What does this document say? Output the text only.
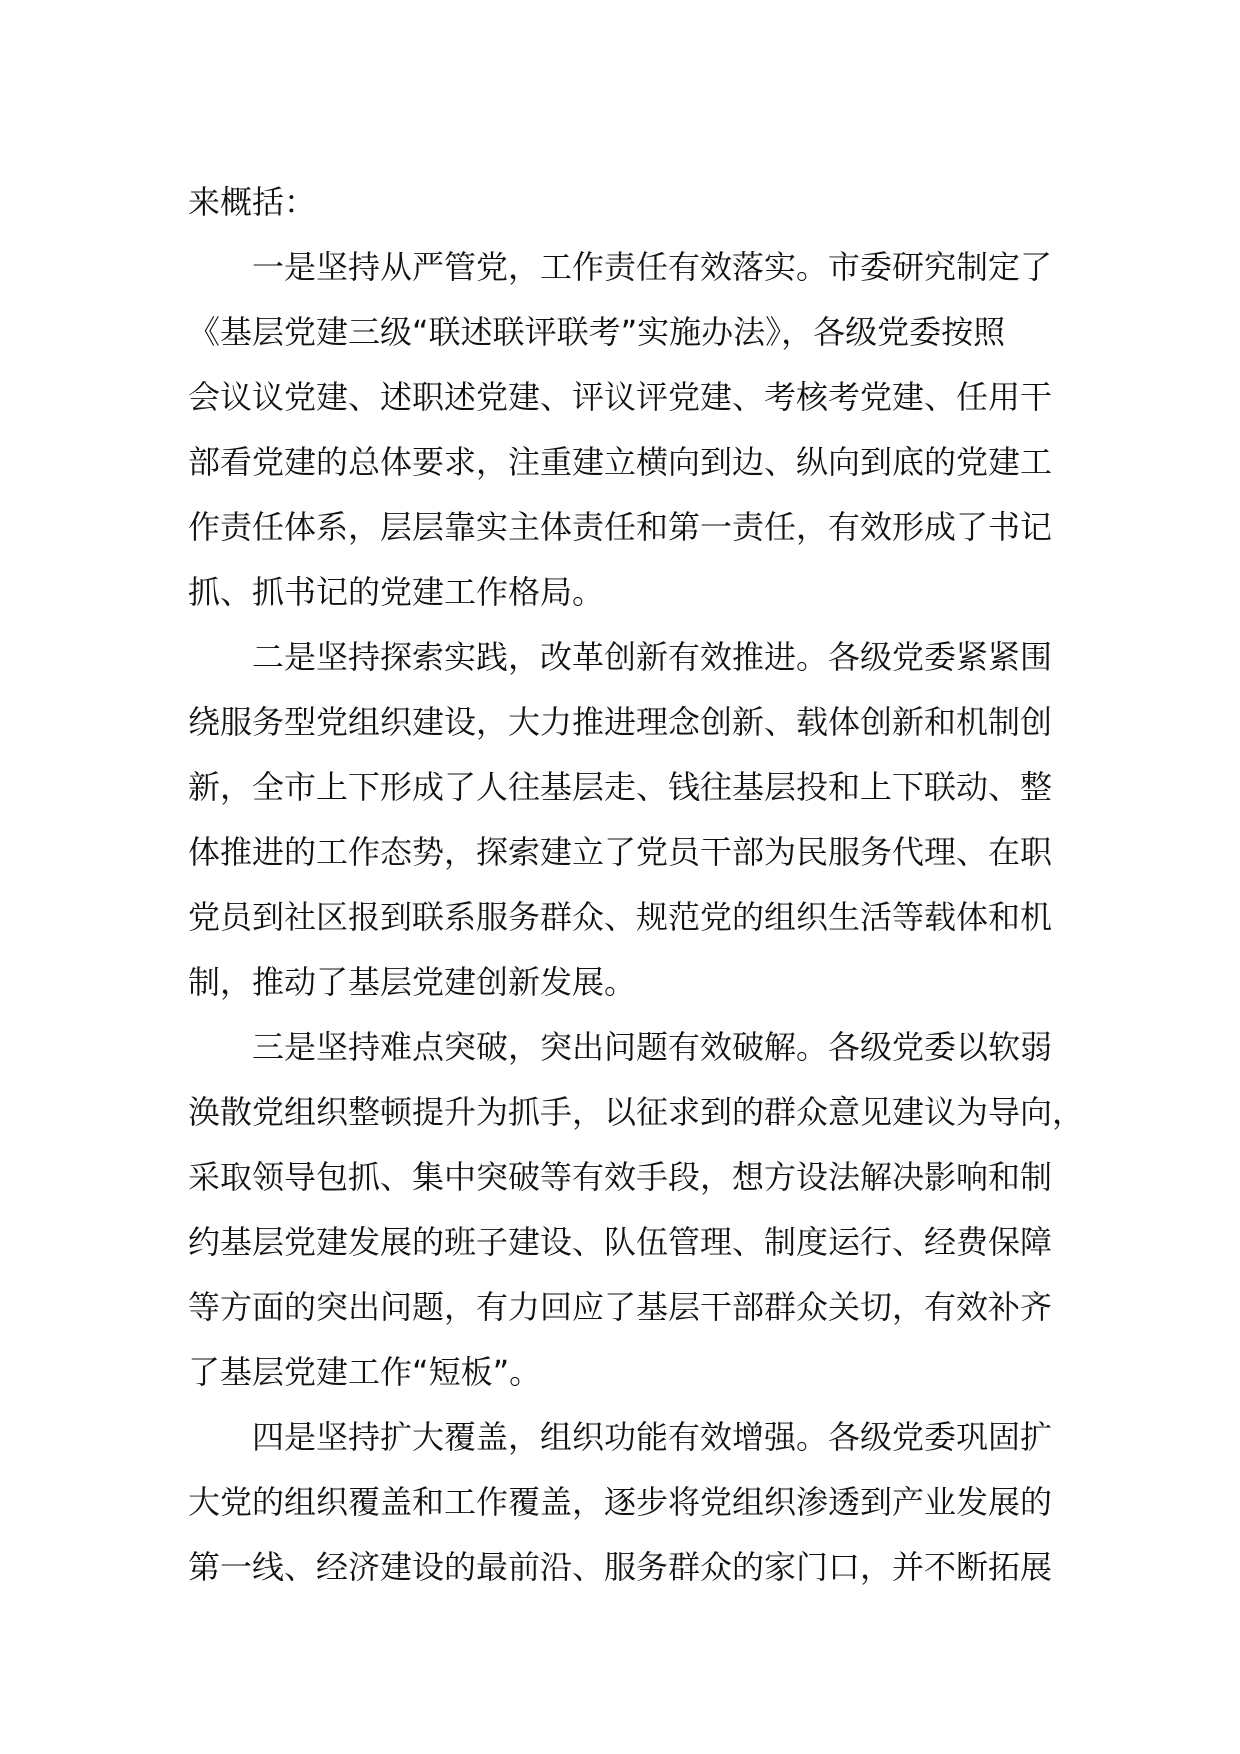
来概括：
一是坚持从严管党，工作责任有效落实。市委研究制定了
《基层党建三级“联述联评联考”实施办法》，各级党委按照
会议议党建、述职述党建、评议评党建、考核考党建、任用干
部看党建的总体要求，注重建立横向到边、纵向到底的党建工
作责任体系，层层靠实主体责任和第一责任，有效形成了书记
抓、抓书记的党建工作格局。
二是坚持探索实践，改革创新有效推进。各级党委紧紧围
绕服务型党组织建设，大力推进理念创新、载体创新和机制创
新，全市上下形成了人往基层走、钱往基层投和上下联动、整
体推进的工作态势，探索建立了党员干部为民服务代理、在职
党员到社区报到联系服务群众、规范党的组织生活等载体和机
制，推动了基层党建创新发展。
三是坚持难点突破，突出问题有效破解。各级党委以软弱
涣散党组织整顿提升为抓手，以征求到的群众意见建议为导向，
采取领导包抓、集中突破等有效手段，想方设法解决影响和制
约基层党建发展的班子建设、队伍管理、制度运行、经费保障
等方面的突出问题，有力回应了基层干部群众关切，有效补齐
了基层党建工作“短板”。
四是坚持扩大覆盖，组织功能有效增强。各级党委巩固扩
大党的组织覆盖和工作覆盖，逐步将党组织渗透到产业发展的
第一线、经济建设的最前沿、服务群众的家门口，并不断拓展
